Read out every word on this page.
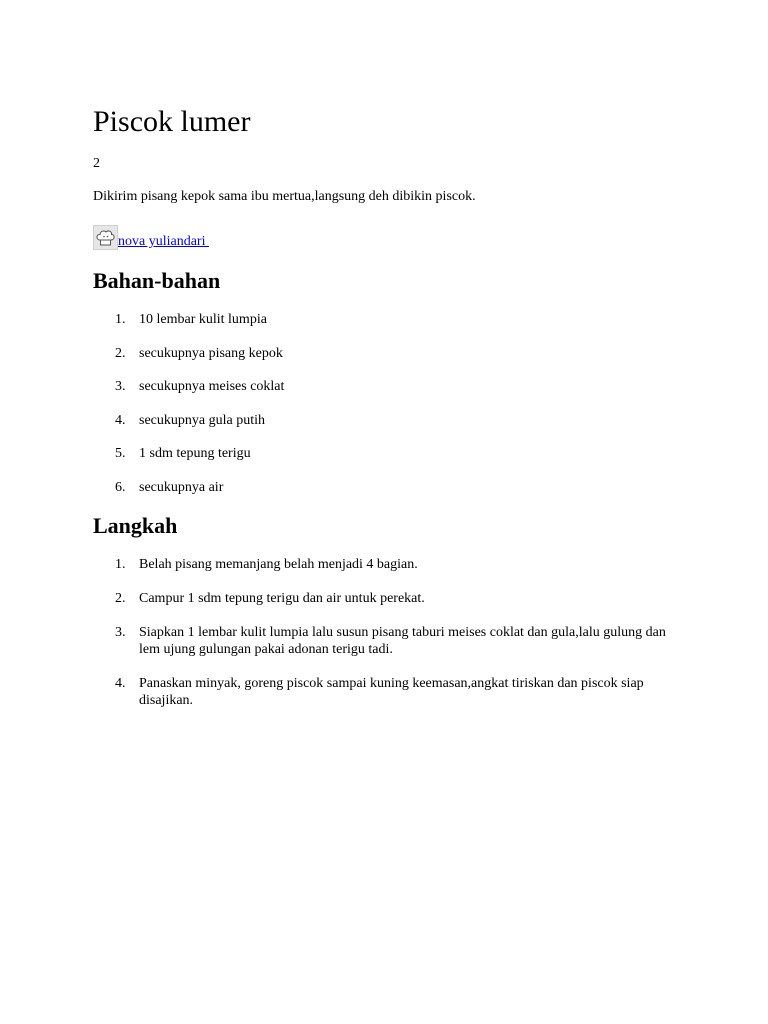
Piscok lumer

2

Dikirim pisang kepok sama ibu mertua,langsung deh dibikin piscok.

nova yuliandari
Bahan-bahan
1. 10 lembar kulit lumpia
2. secukupnya pisang kepok
3. secukupnya meises coklat
4. secukupnya gula putih
5. 1 sdm tepung terigu
6. secukupnya air
Langkah
1. Belah pisang memanjang belah menjadi 4 bagian.
2. Campur 1 sdm tepung terigu dan air untuk perekat.
3. Siapkan 1 lembar kulit lumpia lalu susun pisang taburi meises coklat dan gula,lalu gulung dan lem ujung gulungan pakai adonan terigu tadi.
4. Panaskan minyak, goreng piscok sampai kuning keemasan,angkat tiriskan dan piscok siap disajikan.
